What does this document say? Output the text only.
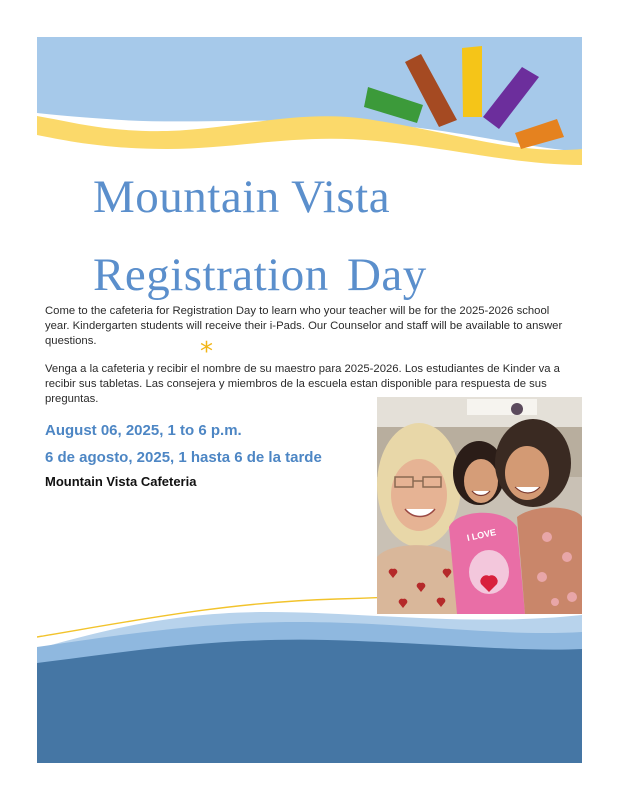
Mountain Vista
Registration Day

Come to the cafeteria for Registration Day to learn who your teacher will be for the 2025-2026 school year. Kindergarten students will receive their i-Pads. Our Counselor and staff will be available to answer questions.	*

Venga a la cafeteria y recibir el nombre de su maestro para 2025-2026. Los estudiantes de Kinder va a recibir sus tabletas. Las consejera y miembros de la escuela estan disponible para respuesta de sus preguntas.

August 06, 2025, 1 to 6 p.m.

6 de agosto, 2025, 1 hasta 6 de la tarde

Mountain Vista Cafeteria

I LOVE
